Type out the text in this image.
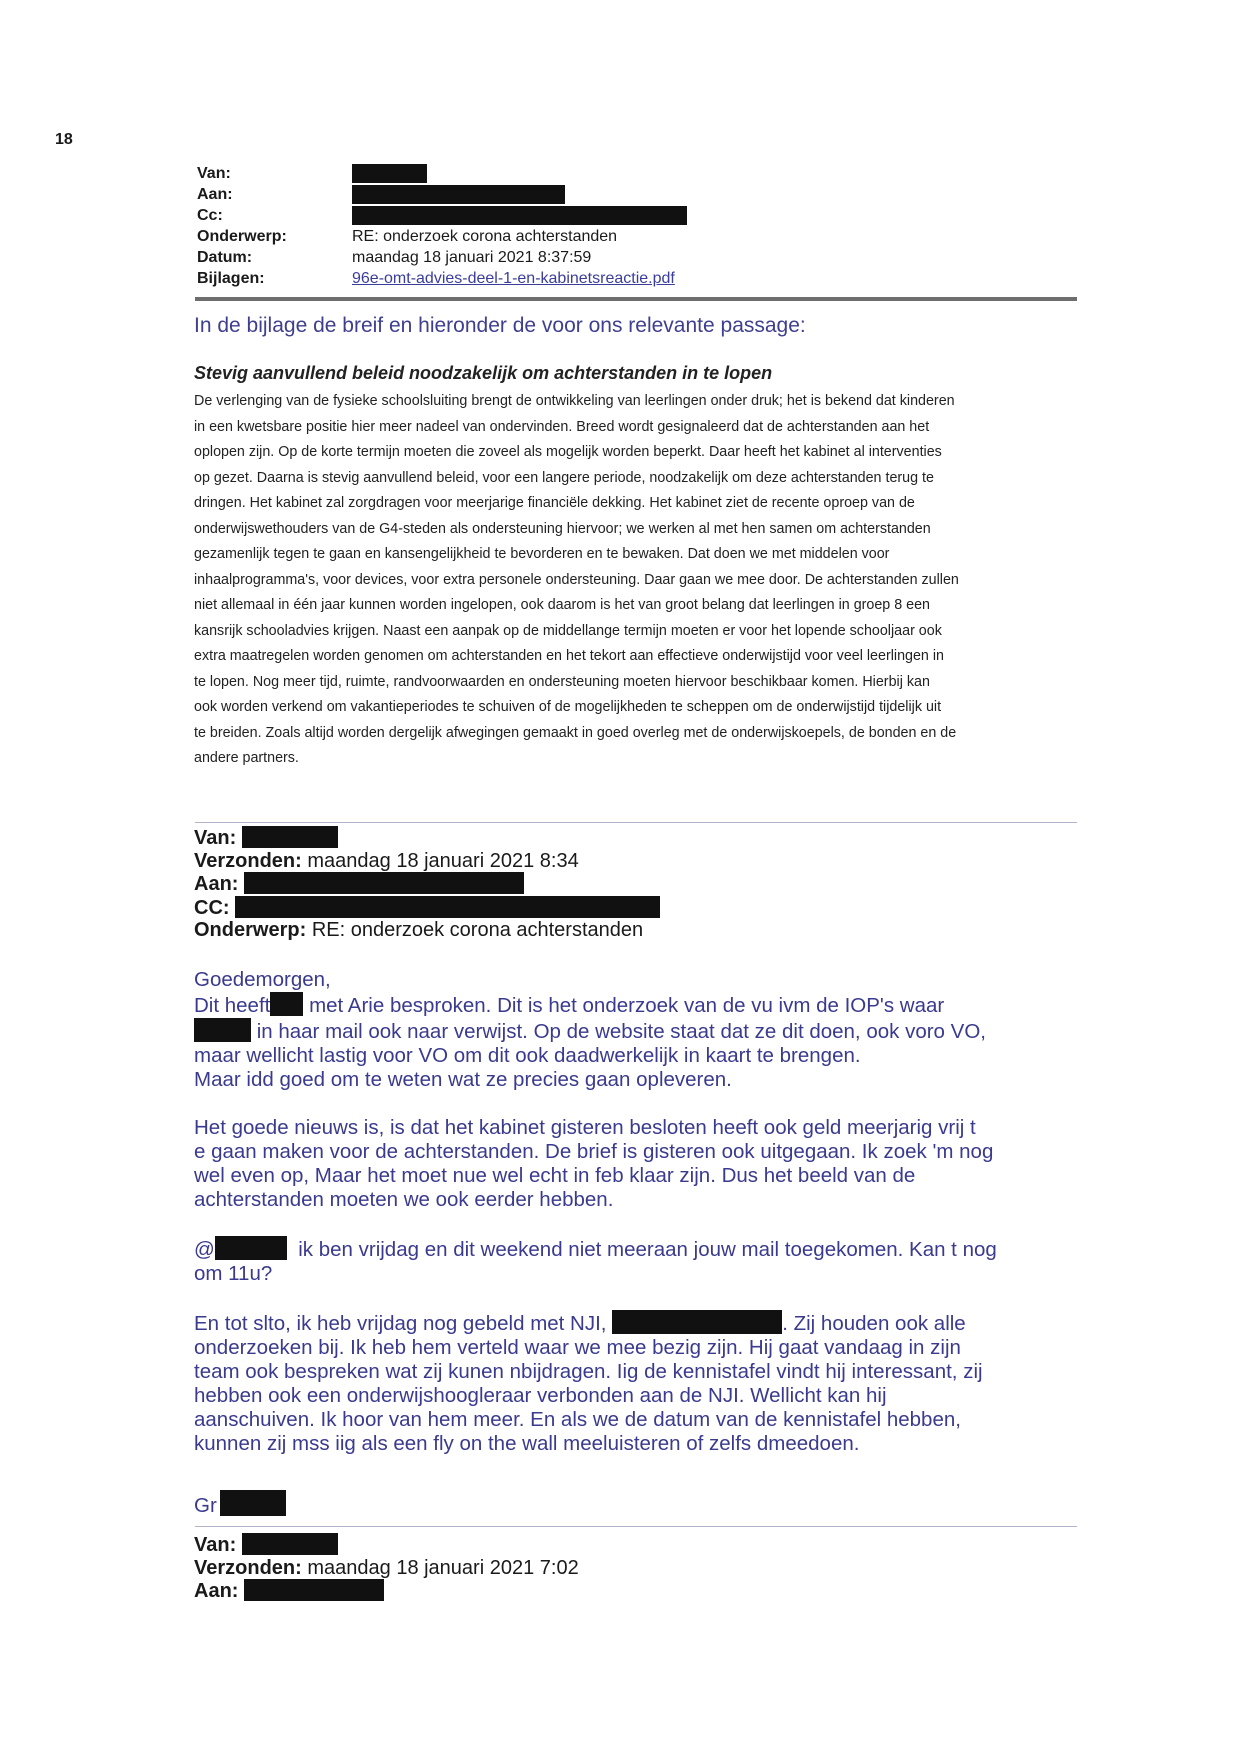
18
Van:
Aan:
Cc:
Onderwerp:	RE: onderzoek corona achterstanden
Datum:	maandag 18 januari 2021 8:37:59
Bijlagen:	96e-omt-advies-deel-1-en-kabinetsreactie.pdf
In de bijlage de breif en hieronder de voor ons relevante passage:
Stevig aanvullend beleid noodzakelijk om achterstanden in te lopen
De verlenging van de fysieke schoolsluiting brengt de ontwikkeling van leerlingen onder druk; het is bekend dat kinderen
in een kwetsbare positie hier meer nadeel van ondervinden. Breed wordt gesignaleerd dat de achterstanden aan het
oplopen zijn. Op de korte termijn moeten die zoveel als mogelijk worden beperkt. Daar heeft het kabinet al interventies
op gezet. Daarna is stevig aanvullend beleid, voor een langere periode, noodzakelijk om deze achterstanden terug te
dringen. Het kabinet zal zorgdragen voor meerjarige financiële dekking. Het kabinet ziet de recente oproep van de
onderwijswethouders van de G4-steden als ondersteuning hiervoor; we werken al met hen samen om achterstanden
gezamenlijk tegen te gaan en kansengelijkheid te bevorderen en te bewaken. Dat doen we met middelen voor
inhaalprogramma's, voor devices, voor extra personele ondersteuning. Daar gaan we mee door. De achterstanden zullen
niet allemaal in één jaar kunnen worden ingelopen, ook daarom is het van groot belang dat leerlingen in groep 8 een
kansrijk schooladvies krijgen. Naast een aanpak op de middellange termijn moeten er voor het lopende schooljaar ook
extra maatregelen worden genomen om achterstanden en het tekort aan effectieve onderwijstijd voor veel leerlingen in
te lopen. Nog meer tijd, ruimte, randvoorwaarden en ondersteuning moeten hiervoor beschikbaar komen. Hierbij kan
ook worden verkend om vakantieperiodes te schuiven of de mogelijkheden te scheppen om de onderwijstijd tijdelijk uit
te breiden. Zoals altijd worden dergelijk afwegingen gemaakt in goed overleg met de onderwijskoepels, de bonden en de
andere partners.
Van:
Verzonden: maandag 18 januari 2021 8:34
Aan:
CC:
Onderwerp: RE: onderzoek corona achterstanden
Goedemorgen,
Dit heeft met Arie besproken. Dit is het onderzoek van de vu ivm de IOP's waar
in haar mail ook naar verwijst. Op de website staat dat ze dit doen, ook voro VO,
maar wellicht lastig voor VO om dit ook daadwerkelijk in kaart te brengen.
Maar idd goed om te weten wat ze precies gaan opleveren.
Het goede nieuws is, is dat het kabinet gisteren besloten heeft ook geld meerjarig vrij t
e gaan maken voor de achterstanden. De brief is gisteren ook uitgegaan. Ik zoek 'm nog
wel even op, Maar het moet nue wel echt in feb klaar zijn. Dus het beeld van de
achterstanden moeten we ook eerder hebben.
@	ik ben vrijdag en dit weekend niet meeraan jouw mail toegekomen. Kan t nog
om 11u?
En tot slto, ik heb vrijdag nog gebeld met NJI,	. Zij houden ook alle
onderzoeken bij. Ik heb hem verteld waar we mee bezig zijn. Hij gaat vandaag in zijn
team ook bespreken wat zij kunen nbijdragen. Iig de kennistafel vindt hij interessant, zij
hebben ook een onderwijshoogleraar verbonden aan de NJI. Wellicht kan hij
aanschuiven. Ik hoor van hem meer. En als we de datum van de kennistafel hebben,
kunnen zij mss iig als een fly on the wall meeluisteren of zelfs dmeedoen.
Gr
Van:
Verzonden: maandag 18 januari 2021 7:02
Aan:
